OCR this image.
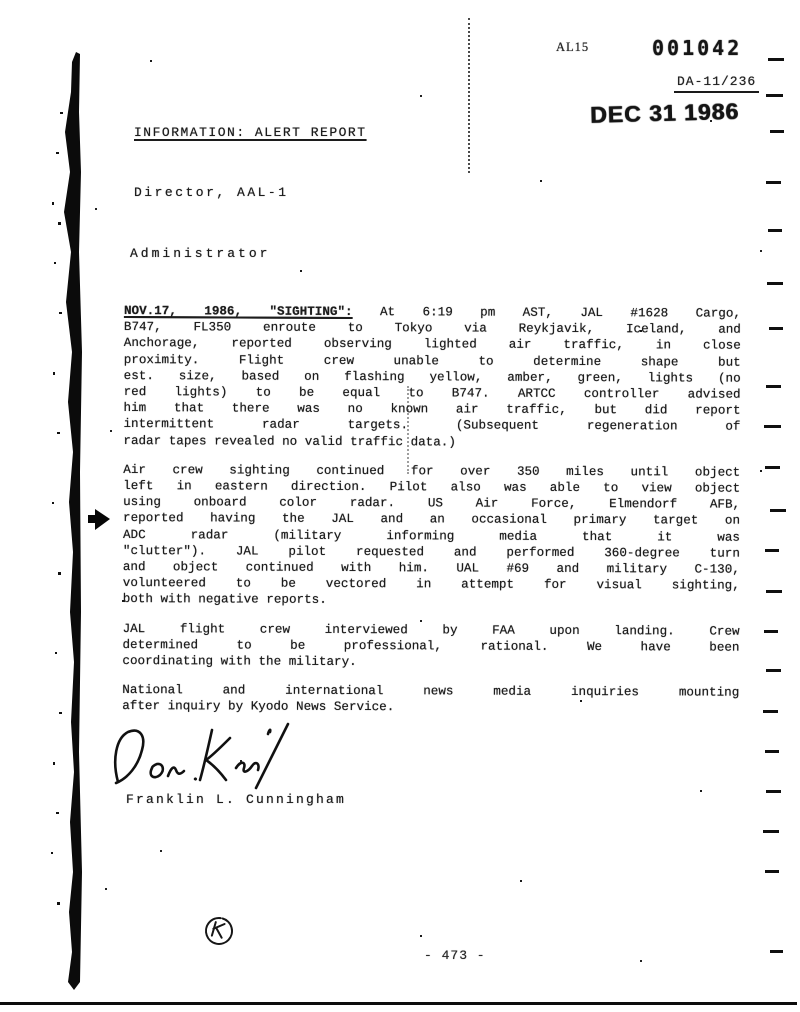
AL15	001042
DA-11/236
DEC 31 1986
INFORMATION: ALERT REPORT
Director, AAL-1
Administrator
NOV.17, 1986, "SIGHTING": At 6:19 pm AST, JAL #1628 Cargo,
B747, FL350 enroute to Tokyo via Reykjavik, Iceland, and
Anchorage, reported observing lighted air traffic, in close
proximity. Flight crew unable to determine shape but
est. size, based on flashing yellow, amber, green, lights (no
red lights) to be equal to B747. ARTCC controller advised
him that there was no known air traffic, but did report
intermittent radar targets. (Subsequent regeneration of
radar tapes revealed no valid traffic data.)
Air crew sighting continued for over 350 miles until object
left in eastern direction. Pilot also was able to view object
using onboard color radar. US Air Force, Elmendorf AFB,
reported having the JAL and an occasional primary target on
ADC radar (military informing media that it was
"clutter"). JAL pilot requested and performed 360-degree turn
and object continued with him. UAL #69 and military C-130,
volunteered to be vectored in attempt for visual sighting,
both with negative reports.
JAL flight crew interviewed by FAA upon landing. Crew
determined to be professional, rational. We have been
coordinating with the military.
National and international news media inquiries mounting
after inquiry by Kyodo News Service.
Franklin L. Cunningham
- 473 -
